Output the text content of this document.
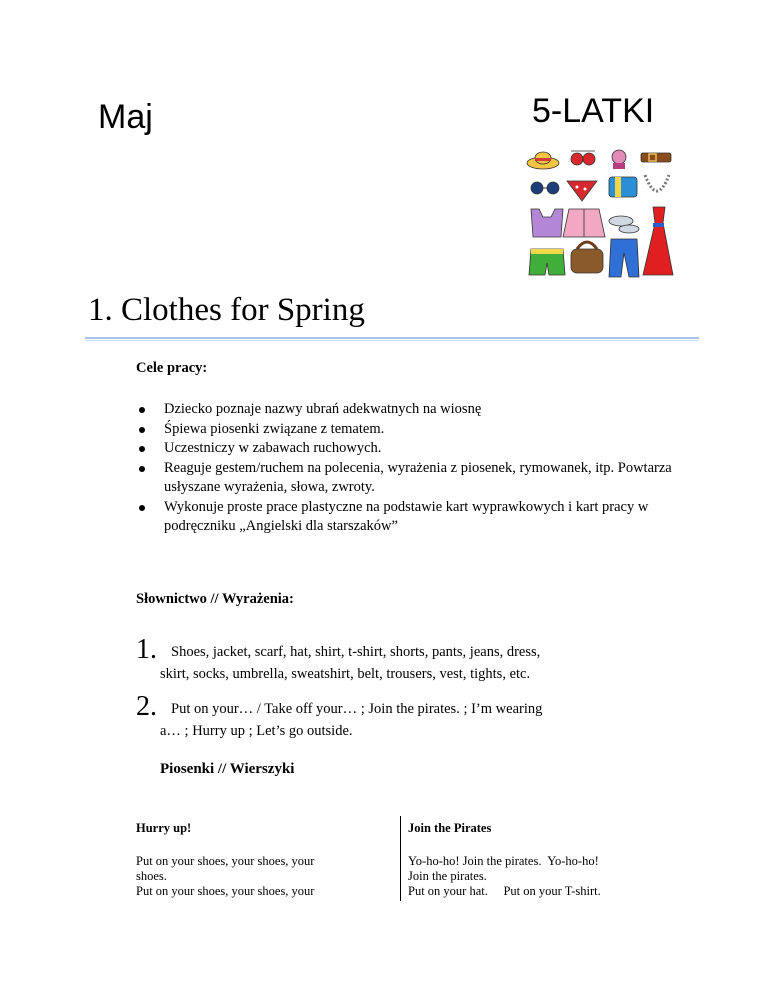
Maj	5-LATKI
1. Clothes for Spring
Cele pracy:
Dziecko poznaje nazwy ubrań adekwatnych na wiosnę
Śpiewa piosenki związane z tematem.
Uczestniczy w zabawach ruchowych.
Reaguje gestem/ruchem na polecenia, wyrażenia z piosenek, rymowanek, itp. Powtarza usłyszane wyrażenia, słowa, zwroty.
Wykonuje proste prace plastyczne na podstawie kart wyprawkowych i kart pracy w podręczniku „Angielski dla starszaków”
Słownictwo // Wyrażenia:
1. Shoes, jacket, scarf, hat, shirt, t-shirt, shorts, pants, jeans, dress,
skirt, socks, umbrella, sweatshirt, belt, trousers, vest, tights, etc.
2. Put on your… / Take off your… ; Join the pirates. ; I’m wearing
a… ; Hurry up ; Let’s go outside.
Piosenki // Wierszyki
Hurry up!
Put on your shoes, your shoes, your
shoes.
Put on your shoes, your shoes, your
Join the Pirates
Yo-ho-ho! Join the pirates.  Yo-ho-ho!
Join the pirates.
Put on your hat.     Put on your T-shirt.
